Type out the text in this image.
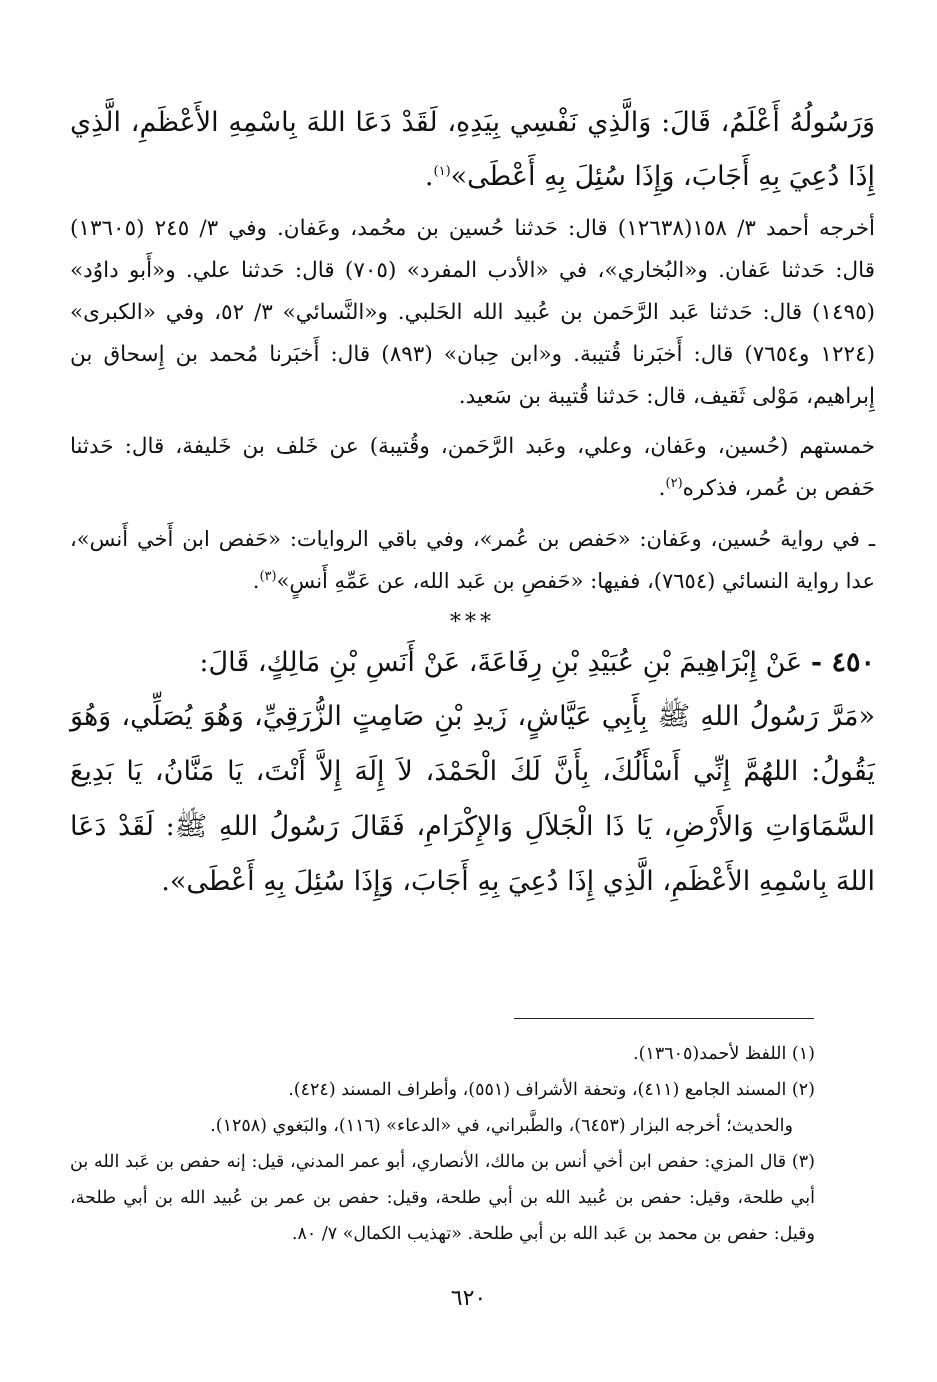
وَرَسُولُهُ أَعْلَمُ، قَالَ: وَالَّذِي نَفْسِي بِيَدِهِ، لَقَدْ دَعَا اللهَ بِاسْمِهِ الأَعْظَمِ، الَّذِي إِذَا دُعِيَ بِهِ أَجَابَ، وَإِذَا سُئِلَ بِهِ أَعْطَى»$^{(١)}$.

أخرجه أحمد ٣/ ١٥٨(١٢٦٣٨) قال: حَدثنا حُسين بن محُمد، وعَفان. وفي ٣/ ٢٤٥ (١٣٦٠٥) قال: حَدثنا عَفان. و«البُخاري»، في «الأدب المفرد» (٧٠٥) قال: حَدثنا علي. و«أَبو داوُد» (١٤٩٥) قال: حَدثنا عَبد الرَّحَمن بن عُبيد الله الحَلبي. و«النَّسائي» ٣/ ٥٢، وفي «الكبرى» (١٢٢٤ و٧٦٥٤) قال: أَخبَرنا قُتيبة. و«ابن حِبان» (٨٩٣) قال: أَخبَرنا مُحمد بن إِسحاق بن إِبراهيم، مَوْلى ثَقيف، قال: حَدثنا قُتيبة بن سَعيد.

خمستهم (حُسين، وعَفان، وعلي، وعَبد الرَّحَمن، وقُتيبة) عن خَلف بن خَليفة، قال: حَدثنا حَفص بن عُمر، فذكره$^{(٢)}$.

ـ في رواية حُسين، وعَفان: «حَفص بن عُمر»، وفي باقي الروايات: «حَفص ابن أَخي أَنس»، عدا رواية النسائي (٧٦٥٤)، ففيها: «حَفصِ بن عَبد الله، عن عَمِّهِ أَنسٍ»$^{(٣)}$.

***

٤٥٠ - عَنْ إِبْرَاهِيمَ بْنِ عُبَيْدِ بْنِ رِفَاعَةَ، عَنْ أَنَسِ بْنِ مَالِكٍ، قَالَ:

«مَرَّ رَسُولُ اللهِ ﷺ بِأَبِي عَيَّاشٍ، زَيدِ بْنِ صَامِتٍ الزُّرَقِيِّ، وَهُوَ يُصَلِّي، وَهُوَ يَقُولُ: اللهُمَّ إِنِّي أَسْأَلُكَ، بِأَنَّ لَكَ الْحَمْدَ، لاَ إِلَهَ إِلاَّ أَنْتَ، يَا مَنَّانُ، يَا بَدِيعَ السَّمَاوَاتِ وَالأَرْضِ، يَا ذَا الْجَلاَلِ وَالإِكْرَامِ، فَقَالَ رَسُولُ اللهِ ﷺ: لَقَدْ دَعَا اللهَ بِاسْمِهِ الأَعْظَمِ، الَّذِي إِذَا دُعِيَ بِهِ أَجَابَ، وَإِذَا سُئِلَ بِهِ أَعْطَى».

(١) اللفظ لأحمد(١٣٦٠٥).

(٢) المسند الجامع (٤١١)، وتحفة الأشراف (٥٥١)، وأطراف المسند (٤٢٤).

والحديث؛ أخرجه البزار (٦٤٥٣)، والطَّبراني، في «الدعاء» (١١٦)، والبَغوي (١٢٥٨).

(٣) قال المزي: حفص ابن أخي أنس بن مالك، الأنصاري، أبو عمر المدني، قيل: إنه حفص بن عَبد الله بن أبي طلحة، وقيل: حفص بن عُبيد الله بن أبي طلحة، وقيل: حفص بن عمر بن عُبيد الله بن أبي طلحة، وقيل: حفص بن محمد بن عَبد الله بن أبي طلحة. «تهذيب الكمال» ٧/ ٨٠.

٦٢٠
